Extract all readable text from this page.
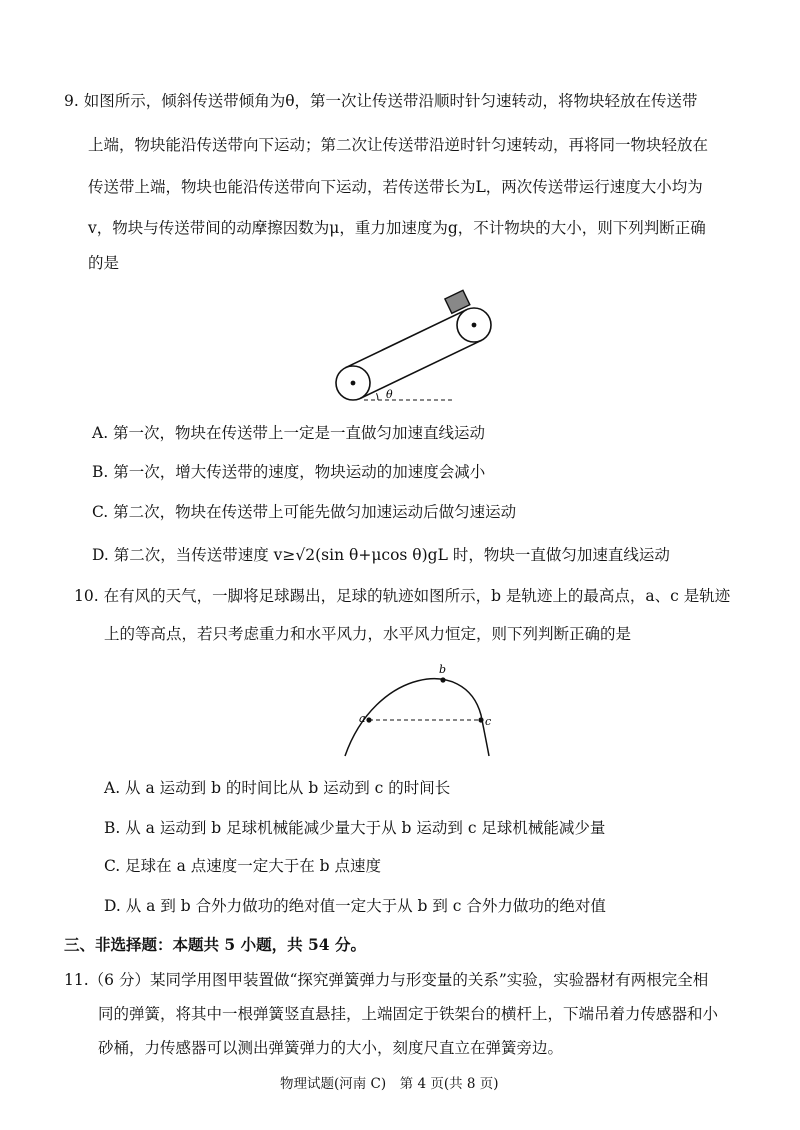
9. 如图所示，倾斜传送带倾角为θ，第一次让传送带沿顺时针匀速转动，将物块轻放在传送带
上端，物块能沿传送带向下运动；第二次让传送带沿逆时针匀速转动，再将同一物块轻放在
传送带上端，物块也能沿传送带向下运动，若传送带长为L，两次传送带运行速度大小均为
v，物块与传送带间的动摩擦因数为μ，重力加速度为g，不计物块的大小，则下列判断正确
的是
θ
A. 第一次，物块在传送带上一定是一直做匀加速直线运动
B. 第一次，增大传送带的速度，物块运动的加速度会减小
C. 第二次，物块在传送带上可能先做匀加速运动后做匀速运动
D. 第二次，当传送带速度 v≥√2(sin θ+μcos θ)gL 时，物块一直做匀加速直线运动
10. 在有风的天气，一脚将足球踢出，足球的轨迹如图所示，b 是轨迹上的最高点，a、c 是轨迹
上的等高点，若只考虑重力和水平风力，水平风力恒定，则下列判断正确的是
a
b
c
A. 从 a 运动到 b 的时间比从 b 运动到 c 的时间长
B. 从 a 运动到 b 足球机械能减少量大于从 b 运动到 c 足球机械能减少量
C. 足球在 a 点速度一定大于在 b 点速度
D. 从 a 到 b 合外力做功的绝对值一定大于从 b 到 c 合外力做功的绝对值
三、非选择题：本题共 5 小题，共 54 分。
11.（6 分）某同学用图甲装置做“探究弹簧弹力与形变量的关系”实验，实验器材有两根完全相
同的弹簧，将其中一根弹簧竖直悬挂，上端固定于铁架台的横杆上，下端吊着力传感器和小
砂桶，力传感器可以测出弹簧弹力的大小，刻度尺直立在弹簧旁边。
物理试题(河南 C)　第 4 页(共 8 页)
